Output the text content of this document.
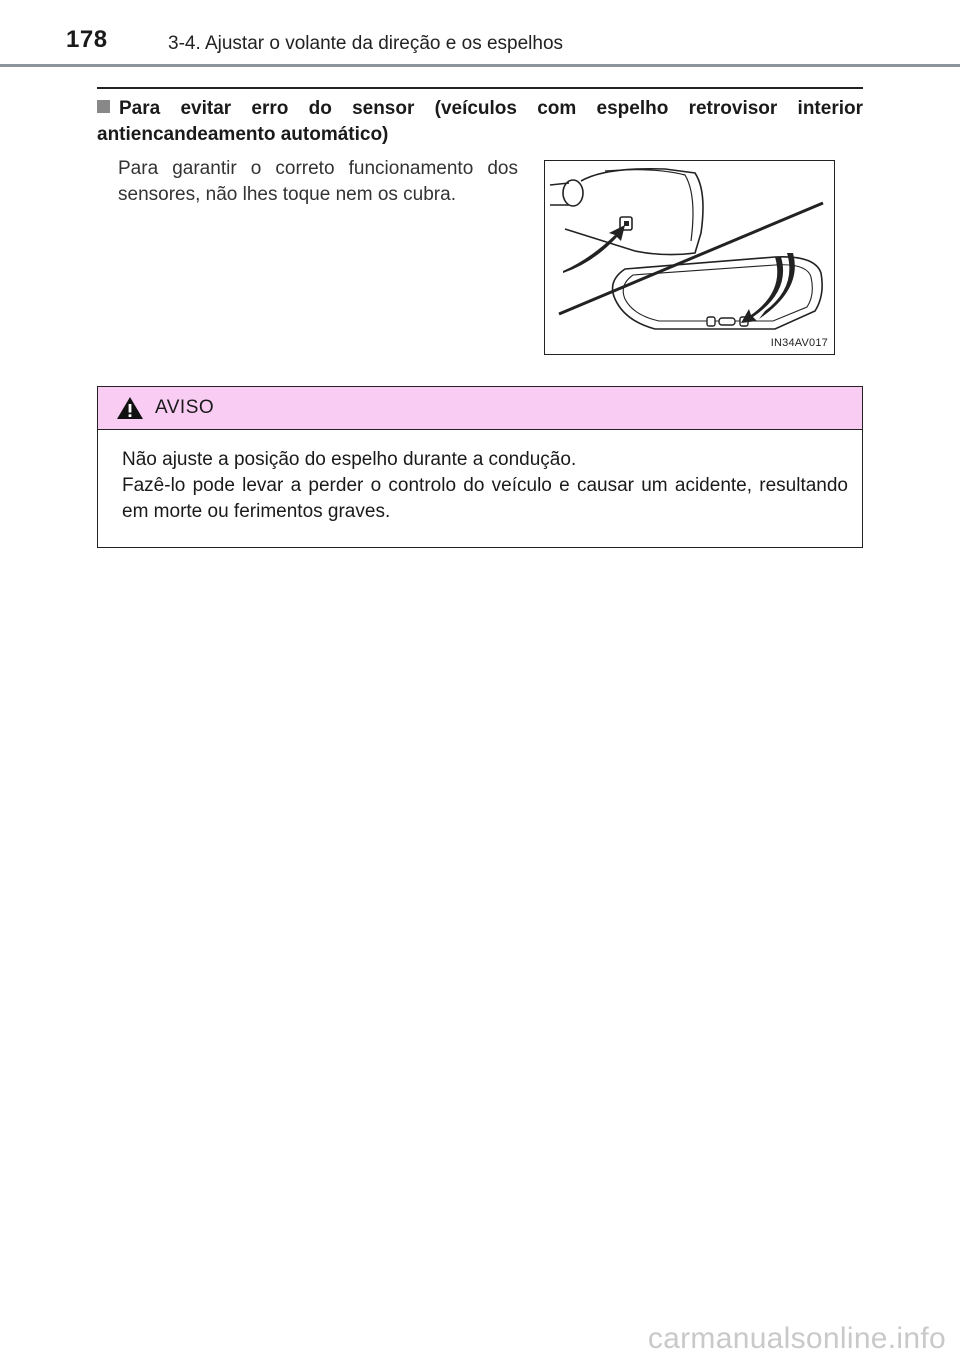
178	3-4. Ajustar o volante da direção e os espelhos
Para evitar erro do sensor (veículos com espelho retrovisor interior antiencandeamento automático)
Para garantir o correto funcionamento dos sensores, não lhes toque nem os cubra.
IN34AV017
AVISO

Não ajuste a posição do espelho durante a condução.

Fazê-lo pode levar a perder o controlo do veículo e causar um acidente, resultando em morte ou ferimentos graves.

carmanualsonline.info
